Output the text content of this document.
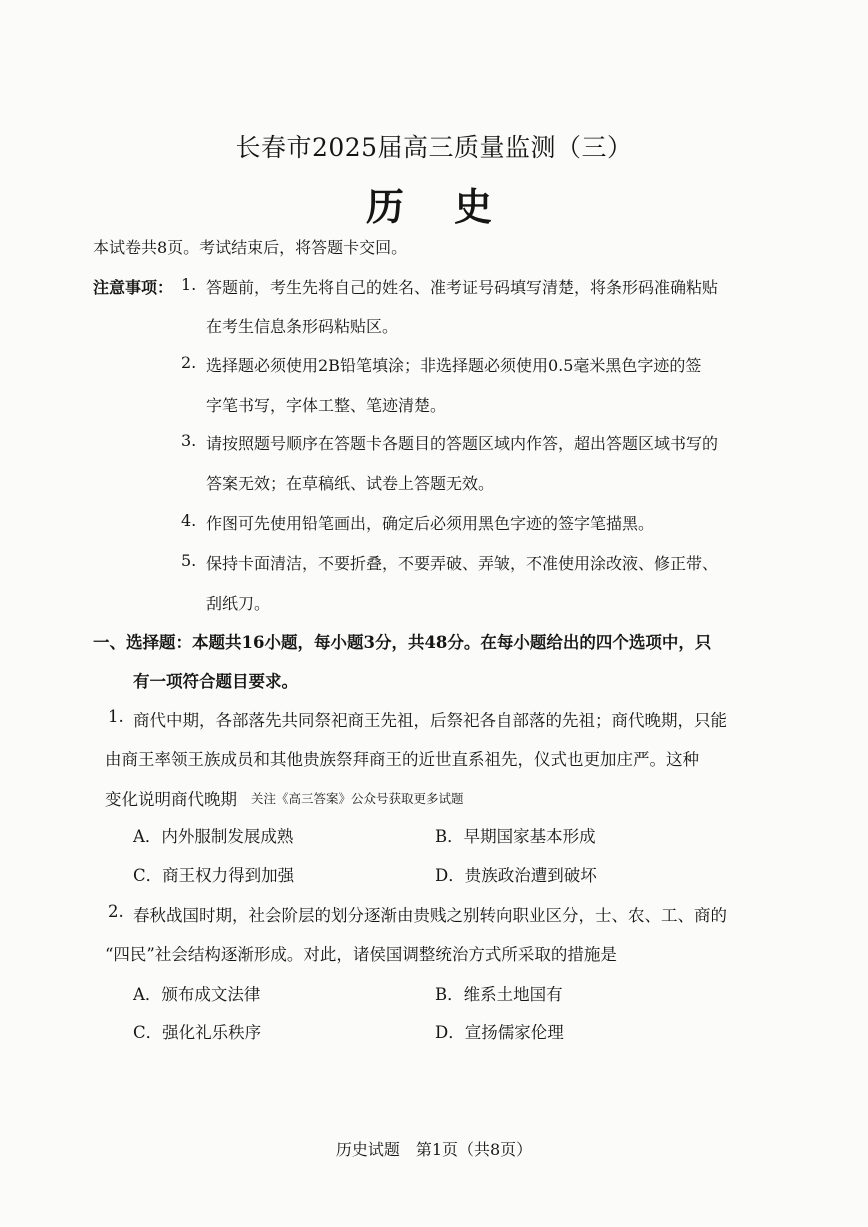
长春市2025届高三质量监测（三）
历史
本试卷共8页。考试结束后，将答题卡交回。
注意事项： 1. 答题前，考生先将自己的姓名、准考证号码填写清楚，将条形码准确粘贴
在考生信息条形码粘贴区。
2. 选择题必须使用2B铅笔填涂；非选择题必须使用0.5毫米黑色字迹的签
字笔书写，字体工整、笔迹清楚。
3. 请按照题号顺序在答题卡各题目的答题区域内作答，超出答题区域书写的
答案无效；在草稿纸、试卷上答题无效。
4. 作图可先使用铅笔画出，确定后必须用黑色字迹的签字笔描黑。
5. 保持卡面清洁，不要折叠，不要弄破、弄皱，不准使用涂改液、修正带、
刮纸刀。
一、选择题：本题共16小题，每小题3分，共48分。在每小题给出的四个选项中，只
有一项符合题目要求。
1. 商代中期，各部落先共同祭祀商王先祖，后祭祀各自部落的先祖；商代晚期，只能
由商王率领王族成员和其他贵族祭拜商王的近世直系祖先，仪式也更加庄严。这种
变化说明商代晚期 关注《高三答案》公众号获取更多试题
A．内外服制发展成熟	B．早期国家基本形成
C．商王权力得到加强	D．贵族政治遭到破坏
2. 春秋战国时期，社会阶层的划分逐渐由贵贱之别转向职业区分，士、农、工、商的
“四民”社会结构逐渐形成。对此，诸侯国调整统治方式所采取的措施是
A．颁布成文法律	B．维系土地国有
C．强化礼乐秩序	D．宣扬儒家伦理
历史试题　第1页（共8页）
